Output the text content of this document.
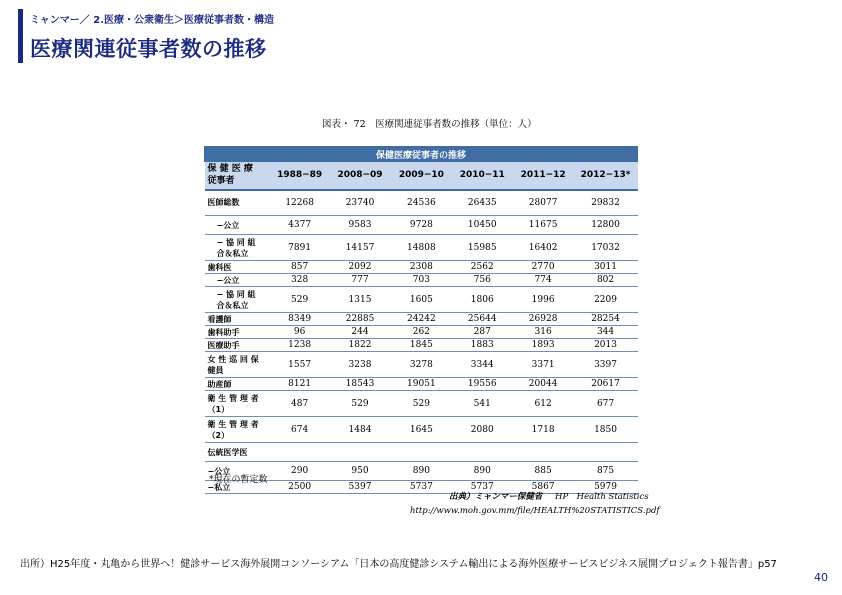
ミャンマー／ 2.医療・公衆衛生＞医療従事者数・構造
医療関連従事者数の推移
図表・ 72　医療関連従事者数の推移（単位：人）
保健医療従事者の推移						
保 健 医 療
従事者	1988−89	2008−09	2009−10	2010−11	2011−12	2012−13*
医師総数	12268	23740	24536	26435	28077	29832
−公立	4377	9583	9728	10450	11675	12800
− 協 同 組
合＆私立	7891	14157	14808	15985	16402	17032
歯科医	857	2092	2308	2562	2770	3011
−公立	328	777	703	756	774	802
− 協 同 組
合＆私立	529	1315	1605	1806	1996	2209
看護師	8349	22885	24242	25644	26928	28254
歯科助手	96	244	262	287	316	344
医療助手	1238	1822	1845	1883	1893	2013
女 性 巡 回 保
健員	1557	3238	3278	3344	3371	3397
助産師	8121	18543	19051	19556	20044	20617
衛 生 管 理 者
（1）	487	529	529	541	612	677
衛 生 管 理 者
（2）	674	1484	1645	2080	1718	1850
伝統医学医						
−公立	290	950	890	890	885	875
−私立	2500	5397	5737	5737	5867	5979
*現在の暫定数
出典）ミャンマー保健省 HP　Health Statistics
http://www.moh.gov.mm/file/HEALTH%20STATISTICS.pdf
出所）H25年度・丸亀から世界へ！健診サービス海外展開コンソーシアム「日本の高度健診システム輸出による海外医療サービスビジネス展開プロジェクト報告書」p57
40
